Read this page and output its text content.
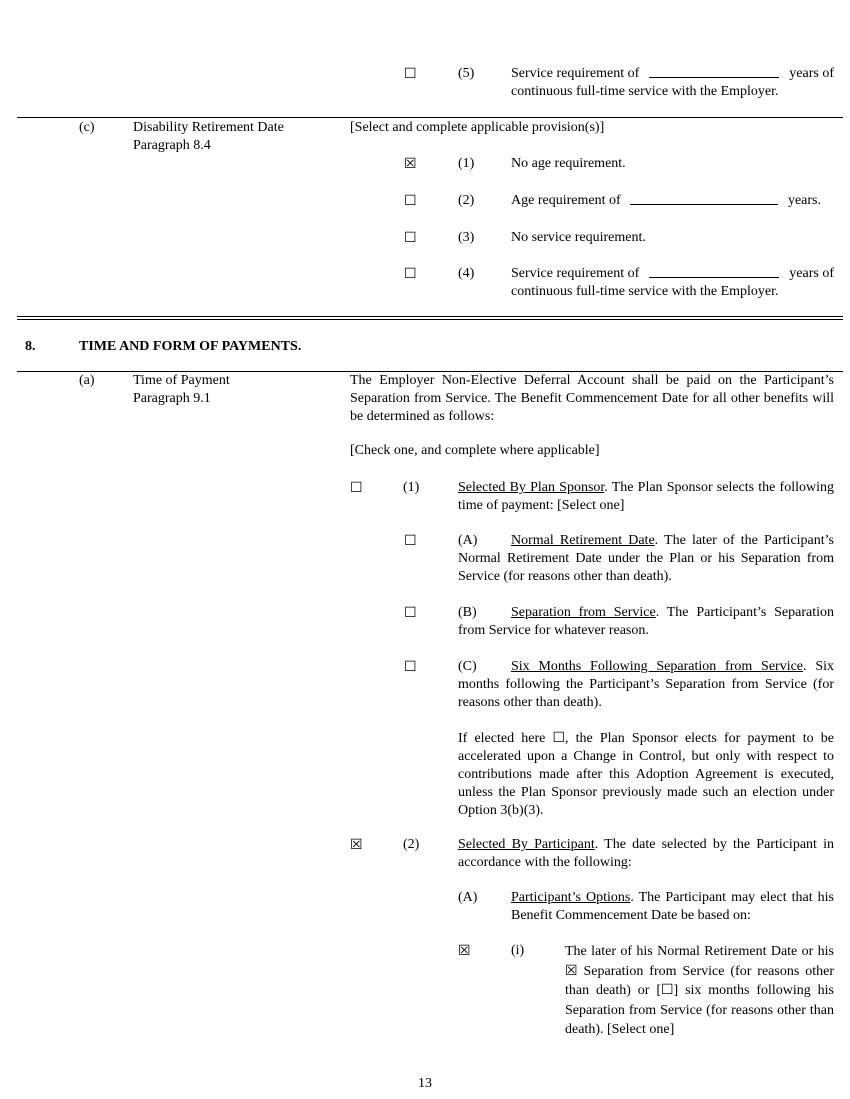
☐	(5)	Service requirement of	years of
continuous full-time service with the Employer.
(c)	Disability Retirement Date
Paragraph 8.4
[Select and complete applicable provision(s)]
☒	(1)	No age requirement.
☐	(2)	Age requirement of	years.
☐	(3)	No service requirement.
☐	(4)	Service requirement of	years of
continuous full-time service with the Employer.
8.	TIME AND FORM OF PAYMENTS.
(a)	Time of Payment
Paragraph 9.1
The Employer Non-Elective Deferral Account shall be paid on the Participant’s Separation from Service. The Benefit Commencement Date for all other benefits will be determined as follows:
[Check one, and complete where applicable]
☐	(1)	Selected By Plan Sponsor. The Plan Sponsor selects the following time of payment: [Select one]
☐	(A) Normal Retirement Date. The later of the Participant’s Normal Retirement Date under the Plan or his Separation from Service (for reasons other than death).
☐	(B) Separation from Service. The Participant’s Separation from Service for whatever reason.
☐	(C) Six Months Following Separation from Service. Six months following the Participant’s Separation from Service (for reasons other than death).
If elected here ☐, the Plan Sponsor elects for payment to be accelerated upon a Change in Control, but only with respect to contributions made after this Adoption Agreement is executed, unless the Plan Sponsor previously made such an election under Option 3(b)(3).
☒	(2)	Selected By Participant. The date selected by the Participant in accordance with the following:
(A) Participant’s Options. The Participant may elect that his Benefit Commencement Date be based on:
☒	(i)	The later of his Normal Retirement Date or his ☒ Separation from Service (for reasons other than death) or [☐] six months following his Separation from Service (for reasons other than death). [Select one]
13
